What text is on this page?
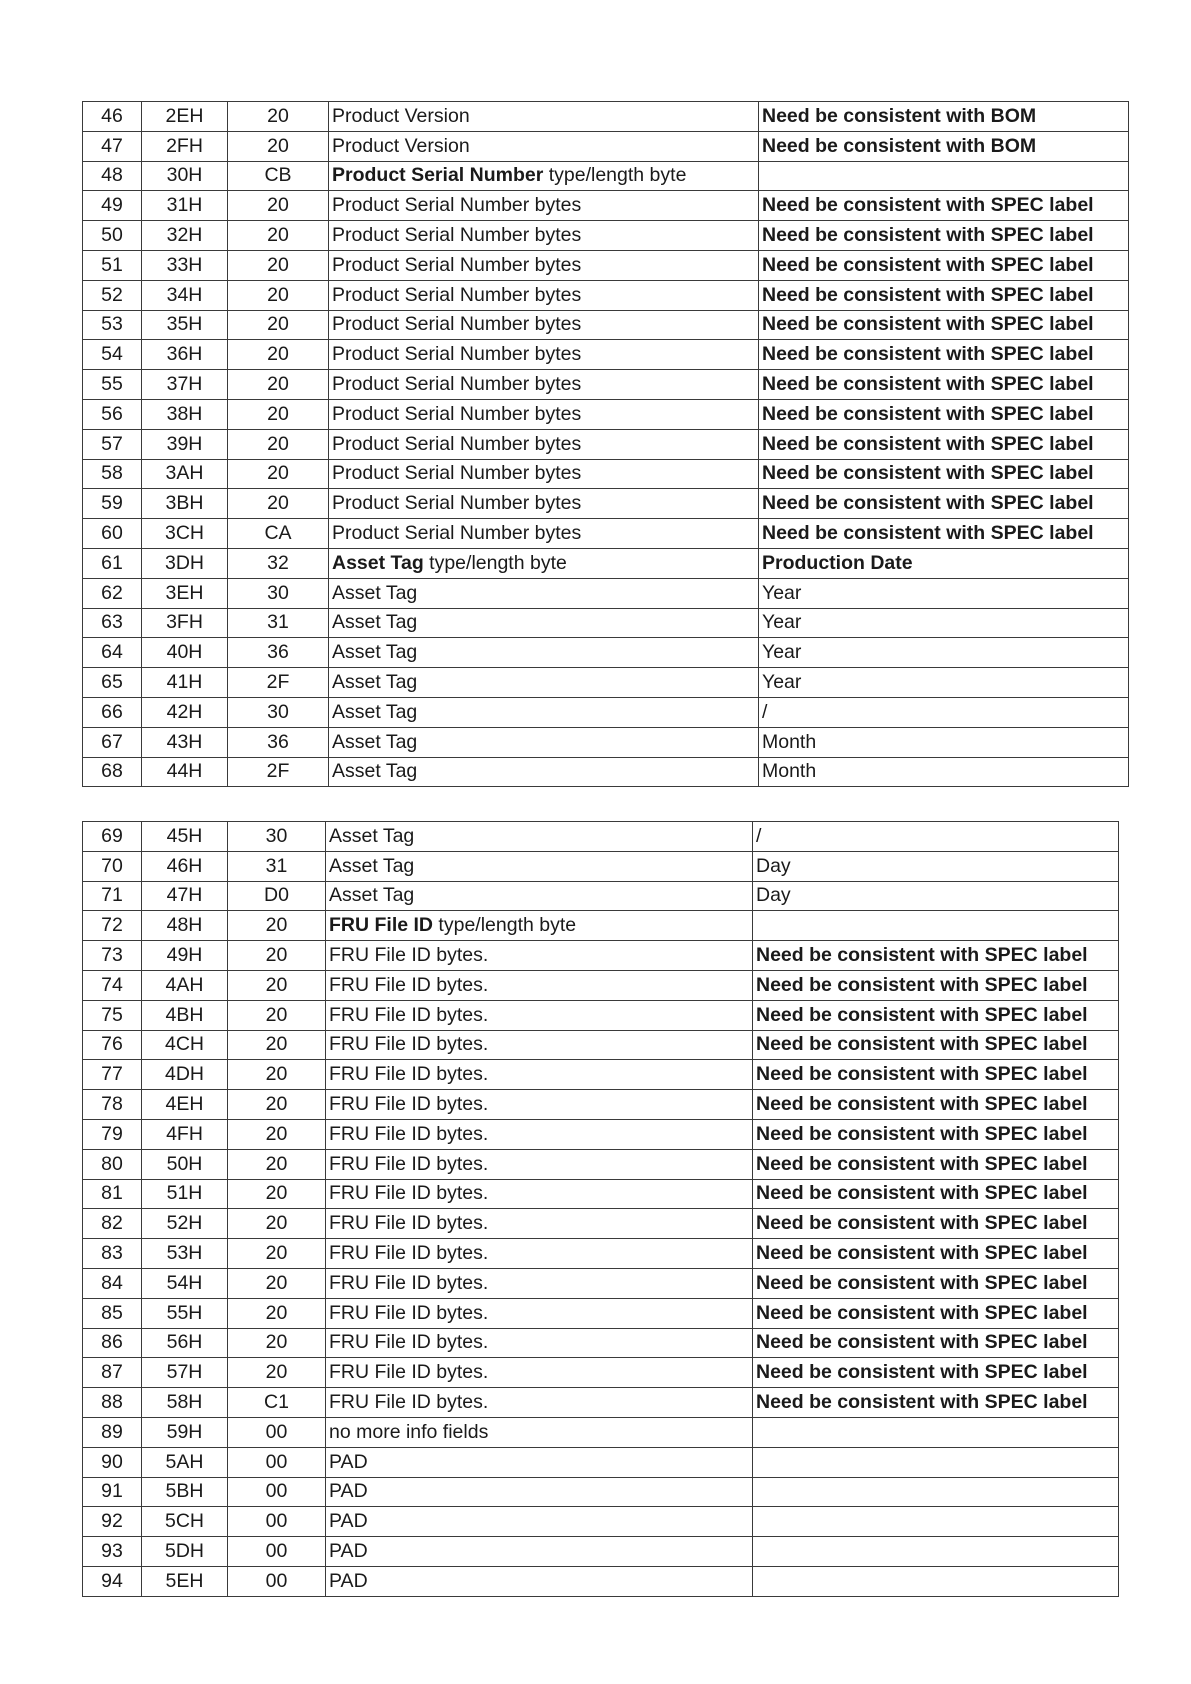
46	2EH	20	Product Version	Need be consistent with BOM
47	2FH	20	Product Version	Need be consistent with BOM
48	30H	CB	Product Serial Number type/length byte	
49	31H	20	Product Serial Number bytes	Need be consistent with SPEC label
50	32H	20	Product Serial Number bytes	Need be consistent with SPEC label
51	33H	20	Product Serial Number bytes	Need be consistent with SPEC label
52	34H	20	Product Serial Number bytes	Need be consistent with SPEC label
53	35H	20	Product Serial Number bytes	Need be consistent with SPEC label
54	36H	20	Product Serial Number bytes	Need be consistent with SPEC label
55	37H	20	Product Serial Number bytes	Need be consistent with SPEC label
56	38H	20	Product Serial Number bytes	Need be consistent with SPEC label
57	39H	20	Product Serial Number bytes	Need be consistent with SPEC label
58	3AH	20	Product Serial Number bytes	Need be consistent with SPEC label
59	3BH	20	Product Serial Number bytes	Need be consistent with SPEC label
60	3CH	CA	Product Serial Number bytes	Need be consistent with SPEC label
61	3DH	32	Asset Tag type/length byte	Production Date
62	3EH	30	Asset Tag	Year
63	3FH	31	Asset Tag	Year
64	40H	36	Asset Tag	Year
65	41H	2F	Asset Tag	Year
66	42H	30	Asset Tag	/
67	43H	36	Asset Tag	Month
68	44H	2F	Asset Tag	Month
69	45H	30	Asset Tag	/
70	46H	31	Asset Tag	Day
71	47H	D0	Asset Tag	Day
72	48H	20	FRU File ID type/length byte	
73	49H	20	FRU File ID bytes.	Need be consistent with SPEC label
74	4AH	20	FRU File ID bytes.	Need be consistent with SPEC label
75	4BH	20	FRU File ID bytes.	Need be consistent with SPEC label
76	4CH	20	FRU File ID bytes.	Need be consistent with SPEC label
77	4DH	20	FRU File ID bytes.	Need be consistent with SPEC label
78	4EH	20	FRU File ID bytes.	Need be consistent with SPEC label
79	4FH	20	FRU File ID bytes.	Need be consistent with SPEC label
80	50H	20	FRU File ID bytes.	Need be consistent with SPEC label
81	51H	20	FRU File ID bytes.	Need be consistent with SPEC label
82	52H	20	FRU File ID bytes.	Need be consistent with SPEC label
83	53H	20	FRU File ID bytes.	Need be consistent with SPEC label
84	54H	20	FRU File ID bytes.	Need be consistent with SPEC label
85	55H	20	FRU File ID bytes.	Need be consistent with SPEC label
86	56H	20	FRU File ID bytes.	Need be consistent with SPEC label
87	57H	20	FRU File ID bytes.	Need be consistent with SPEC label
88	58H	C1	FRU File ID bytes.	Need be consistent with SPEC label
89	59H	00	no more info fields	
90	5AH	00	PAD	
91	5BH	00	PAD	
92	5CH	00	PAD	
93	5DH	00	PAD	
94	5EH	00	PAD	
